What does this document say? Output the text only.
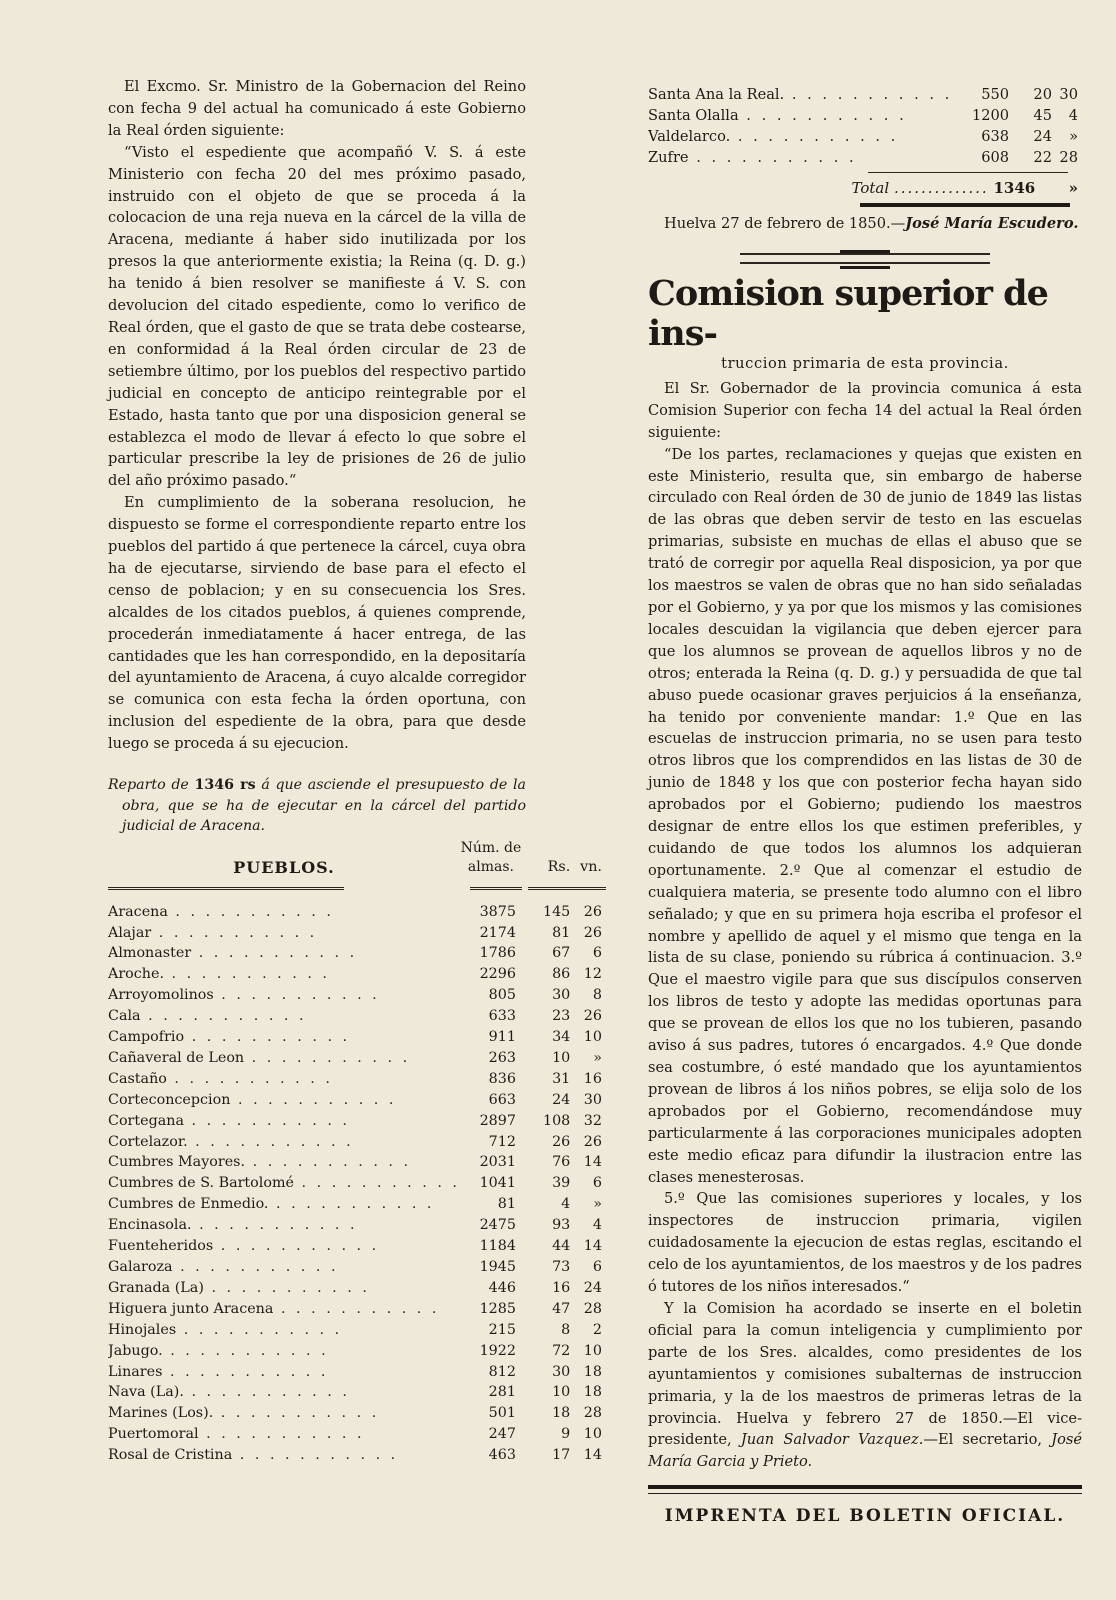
El Excmo. Sr. Ministro de la Gobernacion del Reino con fecha 9 del actual ha comunicado á este Gobierno la Real órden siguiente:

“Visto el espediente que acompañó V. S. á este Ministerio con fecha 20 del mes próximo pasado, instruido con el objeto de que se proceda á la colocacion de una reja nueva en la cárcel de la villa de Aracena, mediante á haber sido inutilizada por los presos la que anteriormente existia; la Reina (q. D. g.) ha tenido á bien resolver se manifieste á V. S. con devolucion del citado espediente, como lo verifico de Real órden, que el gasto de que se trata debe costearse, en conformidad á la Real órden circular de 23 de setiembre último, por los pueblos del respectivo partido judicial en concepto de anticipo reintegrable por el Estado, hasta tanto que por una disposicion general se establezca el modo de llevar á efecto lo que sobre el particular prescribe la ley de prisiones de 26 de julio del año próximo pasado.“

En cumplimiento de la soberana resolucion, he dispuesto se forme el correspondiente reparto entre los pueblos del partido á que pertenece la cárcel, cuya obra ha de ejecutarse, sirviendo de base para el efecto el censo de poblacion; y en su consecuencia los Sres. alcaldes de los citados pueblos, á quienes comprende, procederán inmediatamente á hacer entrega, de las cantidades que les han correspondido, en la depositaría del ayuntamiento de Aracena, á cuyo alcalde corregidor se comunica con esta fecha la órden oportuna, con inclusion del espediente de la obra, para que desde luego se proceda á su ejecucion.

Reparto de 1346 rs á que asciende el presupuesto de la obra, que se ha de ejecutar en la cárcel del partido judicial de Aracena.

PUEBLOS.	Núm. de almas.	Rs.	vn.

Aracena . . . . . . . . . . .	3875	145	26
Alajar . . . . . . . . . . .	2174	81	26
Almonaster . . . . . . . . . . .	1786	67	6
Aroche. . . . . . . . . . . .	2296	86	12
Arroyomolinos . . . . . . . . . . .	805	30	8
Cala . . . . . . . . . . .	633	23	26
Campofrio . . . . . . . . . . .	911	34	10
Cañaveral de Leon . . . . . . . . . . .	263	10	»
Castaño . . . . . . . . . . .	836	31	16
Corteconcepcion . . . . . . . . . . .	663	24	30
Cortegana . . . . . . . . . . .	2897	108	32
Cortelazor. . . . . . . . . . . .	712	26	26
Cumbres Mayores. . . . . . . . . . . .	2031	76	14
Cumbres de S. Bartolomé . . . . . . . . . . .	1041	39	6
Cumbres de Enmedio. . . . . . . . . . . .	81	4	»
Encinasola. . . . . . . . . . . .	2475	93	4
Fuenteheridos . . . . . . . . . . .	1184	44	14
Galaroza . . . . . . . . . . .	1945	73	6
Granada (La) . . . . . . . . . . .	446	16	24
Higuera junto Aracena . . . . . . . . . . .	1285	47	28
Hinojales . . . . . . . . . . .	215	8	2
Jabugo. . . . . . . . . . . .	1922	72	10
Linares . . . . . . . . . . .	812	30	18
Nava (La). . . . . . . . . . . .	281	10	18
Marines (Los). . . . . . . . . . . .	501	18	28
Puertomoral . . . . . . . . . . .	247	9	10
Rosal de Cristina . . . . . . . . . . .	463	17	14
Santa Ana la Real. . . . . . . . . . . .	550	20	30
Santa Olalla . . . . . . . . . . .	1200	45	4
Valdelarco. . . . . . . . . . . .	638	24	»
Zufre . . . . . . . . . . .	608	22	28
Total .............. 1346 »

Huelva 27 de febrero de 1850.—José María Escudero.

Comision superior de ins-
truccion primaria de esta provincia.

El Sr. Gobernador de la provincia comunica á esta Comision Superior con fecha 14 del actual la Real órden siguiente:

“De los partes, reclamaciones y quejas que existen en este Ministerio, resulta que, sin embargo de haberse circulado con Real órden de 30 de junio de 1849 las listas de las obras que deben servir de testo en las escuelas primarias, subsiste en muchas de ellas el abuso que se trató de corregir por aquella Real disposicion, ya por que los maestros se valen de obras que no han sido señaladas por el Gobierno, y ya por que los mismos y las comisiones locales descuidan la vigilancia que deben ejercer para que los alumnos se provean de aquellos libros y no de otros; enterada la Reina (q. D. g.) y persuadida de que tal abuso puede ocasionar graves perjuicios á la enseñanza, ha tenido por conveniente mandar: 1.º Que en las escuelas de instruccion primaria, no se usen para testo otros libros que los comprendidos en las listas de 30 de junio de 1848 y los que con posterior fecha hayan sido aprobados por el Gobierno; pudiendo los maestros designar de entre ellos los que estimen preferibles, y cuidando de que todos los alumnos los adquieran oportunamente. 2.º Que al comenzar el estudio de cualquiera materia, se presente todo alumno con el libro señalado; y que en su primera hoja escriba el profesor el nombre y apellido de aquel y el mismo que tenga en la lista de su clase, poniendo su rúbrica á continuacion. 3.º Que el maestro vigile para que sus discípulos conserven los libros de testo y adopte las medidas oportunas para que se provean de ellos los que no los tubieren, pasando aviso á sus padres, tutores ó encargados. 4.º Que donde sea costumbre, ó esté mandado que los ayuntamientos provean de libros á los niños pobres, se elija solo de los aprobados por el Gobierno, recomendándose muy particularmente á las corporaciones municipales adopten este medio eficaz para difundir la ilustracion entre las clases menesterosas.

5.º Que las comisiones superiores y locales, y los inspectores de instruccion primaria, vigilen cuidadosamente la ejecucion de estas reglas, escitando el celo de los ayuntamientos, de los maestros y de los padres ó tutores de los niños interesados.“

Y la Comision ha acordado se inserte en el boletin oficial para la comun inteligencia y cumplimiento por parte de los Sres. alcaldes, como presidentes de los ayuntamientos y comisiones subalternas de instruccion primaria, y la de los maestros de primeras letras de la provincia. Huelva y febrero 27 de 1850.—El vice-presidente, Juan Salvador Vazquez.—El secretario, José María Garcia y Prieto.

IMPRENTA DEL BOLETIN OFICIAL.
